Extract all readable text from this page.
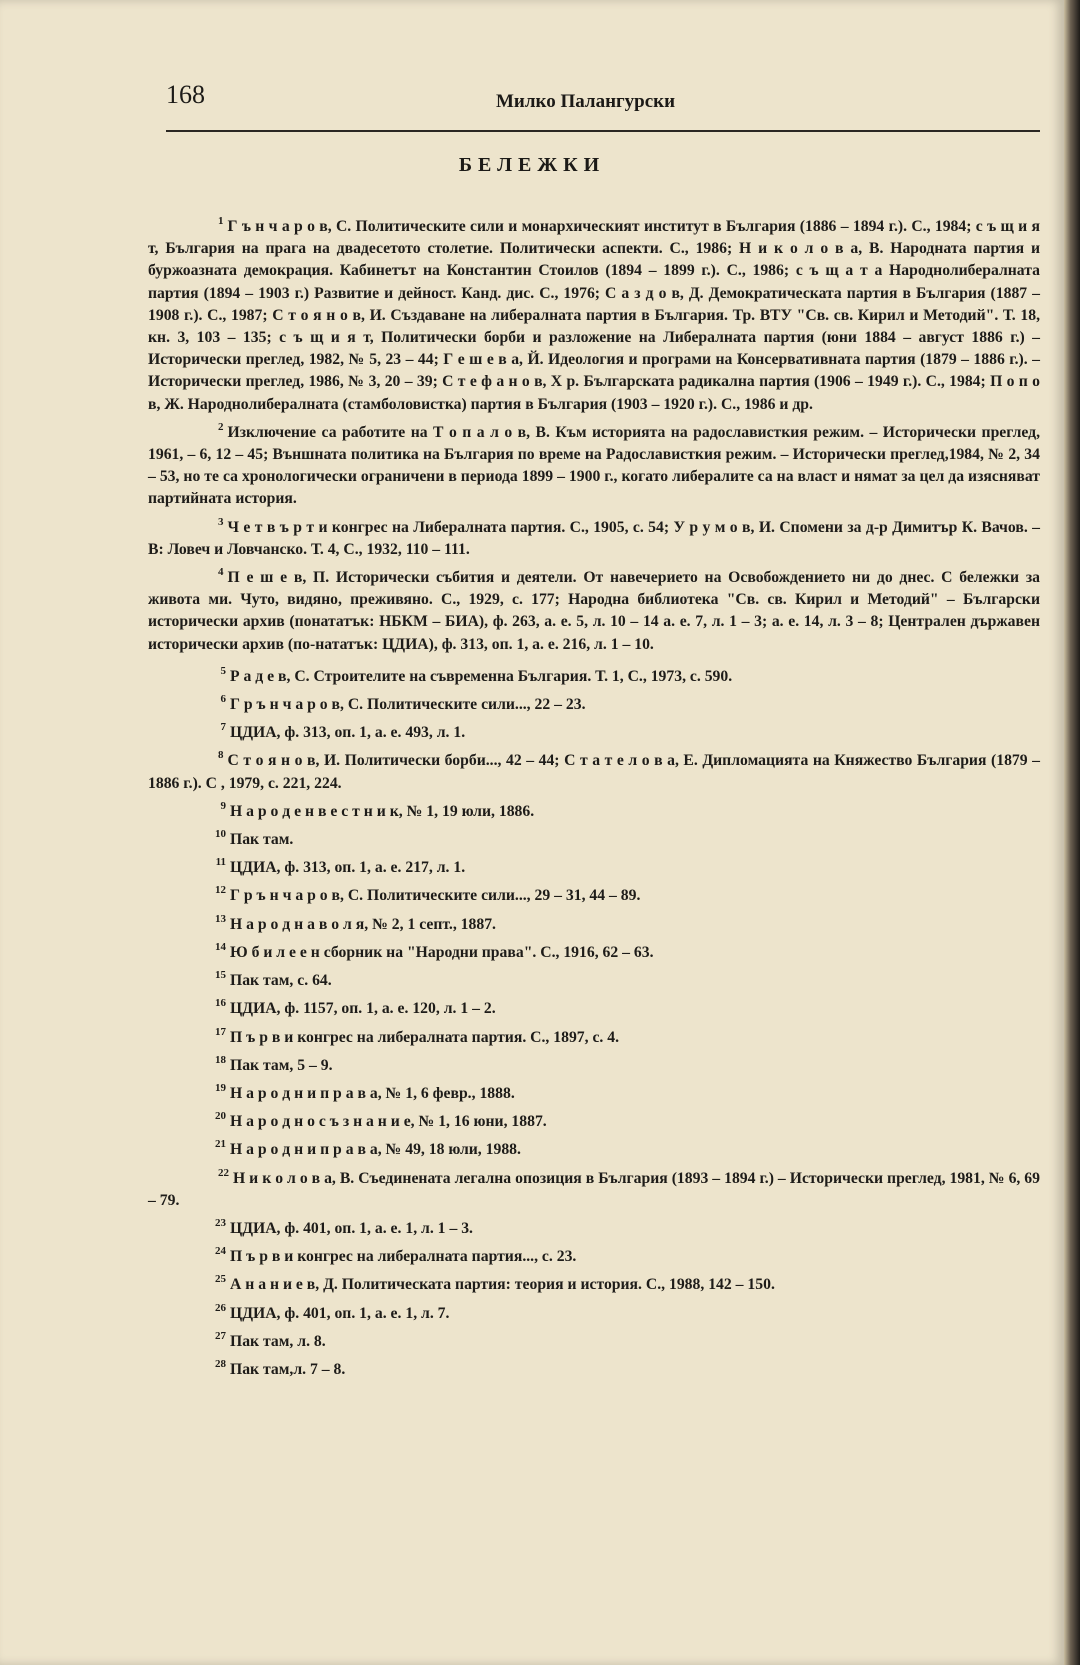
168	Милко Палангурски
БЕЛЕЖКИ

$^1$ Г ъ н ч а р о в, С. Политическите сили и монархическият институт в България (1886 – 1894 г.). С., 1984; с ъ щ и я т, България на прага на двадесетото столетие. Политически аспекти. С., 1986; Н и к о л о в а, В. Народната партия и буржоазната демокрация. Кабинетът на Константин Стоилов (1894 – 1899 г.). С., 1986; с ъ щ а т а Народнолибералната партия (1894 – 1903 г.) Развитие и дейност. Канд. дис. С., 1976; С а з д о в, Д. Демократическата партия в България (1887 – 1908 г.). С., 1987; С т о я н о в, И. Създаване на либералната партия в България. Тр. ВТУ "Св. св. Кирил и Методий". Т. 18, кн. 3, 103 – 135; с ъ щ и я т, Политически борби и разложение на Либералната партия (юни 1884 – август 1886 г.) – Исторически преглед, 1982, № 5, 23 – 44; Г е ш е в а, Й. Идеология и програми на Консервативната партия (1879 – 1886 г.). – Исторически преглед, 1986, № 3, 20 – 39; С т е ф а н о в, Х р. Българската радикална партия (1906 – 1949 г.). С., 1984; П о п о в, Ж. Народнолибералната (стамболовистка) партия в България (1903 – 1920 г.). С., 1986 и др.

$^2$ Изключение са работите на Т о п а л о в, В. Към историята на радослависткия режим. – Исторически преглед, 1961, – 6, 12 – 45; Външната политика на България по време на Радослависткия режим. – Исторически преглед,1984, № 2, 34 – 53, но те са хронологически ограничени в периода 1899 – 1900 г., когато либералите са на власт и нямат за цел да изясняват партийната история.

$^3$ Ч е т в ъ р т и конгрес на Либералната партия. С., 1905, с. 54; У р у м о в, И. Спомени за д-р Димитър К. Вачов. – В: Ловеч и Ловчанско. Т. 4, С., 1932, 110 – 111.

$^4$ П е ш е в, П. Исторически събития и деятели. От навечерието на Освобождението ни до днес. С бележки за живота ми. Чуто, видяно, преживяно. С., 1929, с. 177; Народна библиотека "Св. св. Кирил и Методий" – Български исторически архив (понататък: НБКМ – БИА), ф. 263, а. е. 5, л. 10 – 14 а. е. 7, л. 1 – 3; а. е. 14, л. 3 – 8; Централен държавен исторически архив (по-нататък: ЦДИА), ф. 313, оп. 1, а. е. 216, л. 1 – 10.

5 Р а д е в, С. Строителите на съвременна България. Т. 1, С., 1973, с. 590.

6 Г р ъ н ч а р о в, С. Политическите сили..., 22 – 23.

7 ЦДИА, ф. 313, оп. 1, а. е. 493, л. 1.

$^8$ С т о я н о в, И. Политически борби..., 42 – 44; С т а т е л о в а, Е. Дипломацията на Княжество България (1879 – 1886 г.). С , 1979, с. 221, 224.

9 Н а р о д е н в е с т н и к, № 1, 19 юли, 1886.

10 Пак там.

11 ЦДИА, ф. 313, оп. 1, а. е. 217, л. 1.

12 Г р ъ н ч а р о в, С. Политическите сили..., 29 – 31, 44 – 89.

13 Н а р о д н а в о л я, № 2, 1 септ., 1887.

14 Ю б и л е е н сборник на "Народни права". С., 1916, 62 – 63.

15 Пак там, с. 64.

16 ЦДИА, ф. 1157, оп. 1, а. е. 120, л. 1 – 2.

17 П ъ р в и конгрес на либералната партия. С., 1897, с. 4.

18 Пак там, 5 – 9.

19 Н а р о д н и п р а в а, № 1, 6 февр., 1888.

20 Н а р о д н о с ъ з н а н и е, № 1, 16 юни, 1887.

21 Н а р о д н и п р а в а, № 49, 18 юли, 1988.

$^{22}$ Н и к о л о в а, В. Съединената легална опозиция в България (1893 – 1894 г.) – Исторически преглед, 1981, № 6, 69 – 79.

23 ЦДИА, ф. 401, оп. 1, а. е. 1, л. 1 – 3.

24 П ъ р в и конгрес на либералната партия..., с. 23.

25 А н а н и е в, Д. Политическата партия: теория и история. С., 1988, 142 – 150.

26 ЦДИА, ф. 401, оп. 1, а. е. 1, л. 7.

27 Пак там, л. 8.

28 Пак там,л. 7 – 8.
